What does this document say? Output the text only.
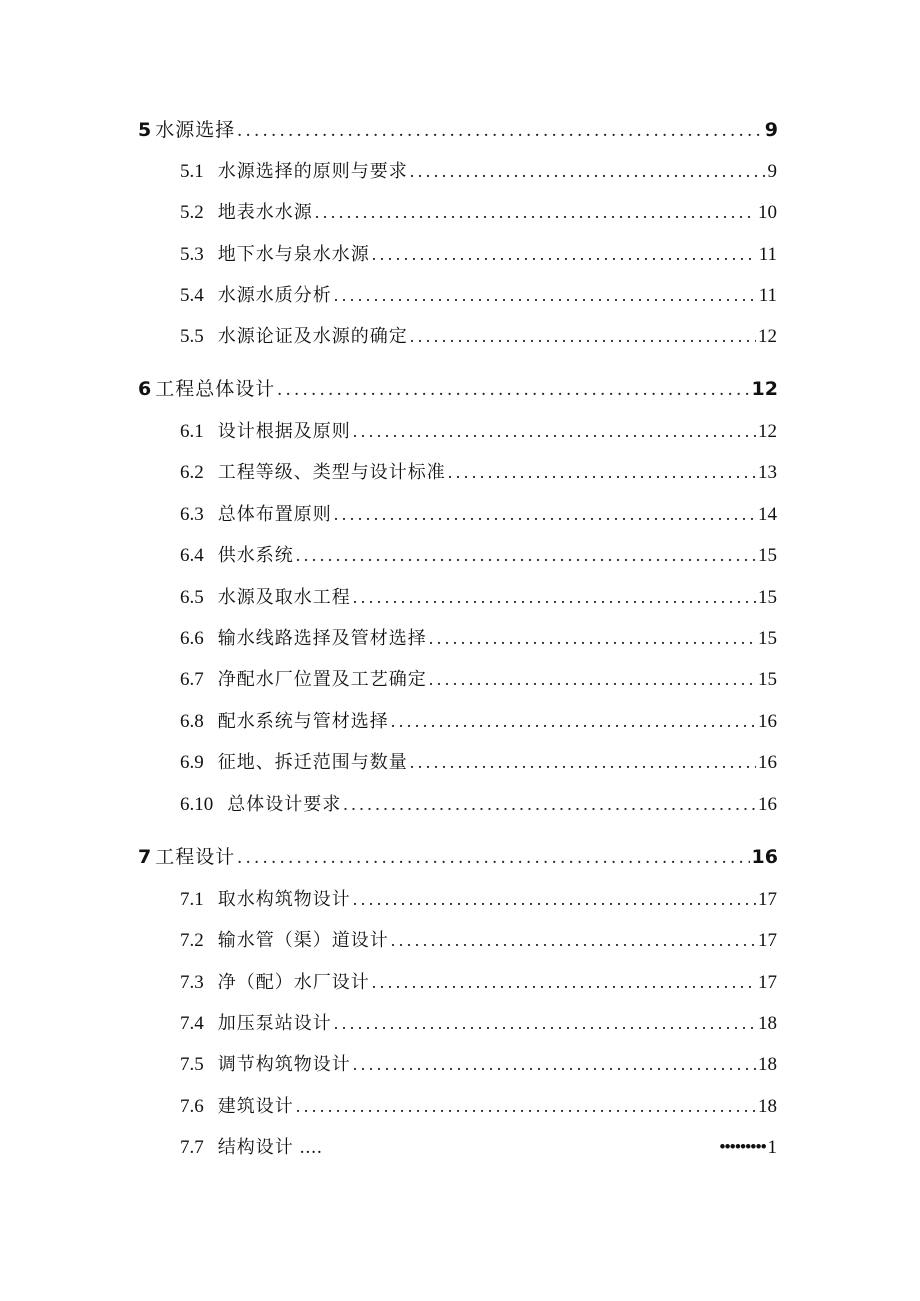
5 水源选择 . . .	9
5.1 水源选择的原则与要求 . . .	9
5.2 地表水水源 . . .	10
5.3 地下水与泉水水源 . . .	11
5.4 水源水质分析 . . .	11
5.5 水源论证及水源的确定 . . .	12
6 工程总体设计 . . .	12
6.1 设计根据及原则 . . .	12
6.2 工程等级、类型与设计标准 . . .	13
6.3 总体布置原则 . . .	14
6.4 供水系统 . . .	15
6.5 水源及取水工程 . . .	15
6.6 输水线路选择及管材选择 . . .	15
6.7 净配水厂位置及工艺确定 . . .	15
6.8 配水系统与管材选择 . . .	16
6.9 征地、拆迁范围与数量 . . .	16
6.10 总体设计要求 . . .	16
7 工程设计 . . .	16
7.1 取水构筑物设计 . . .	17
7.2 输水管（渠）道设计 . . .	17
7.3 净（配）水厂设计 . . .	17
7.4 加压泵站设计 . . .	18
7.5 调节构筑物设计 . . .	18
7.6 建筑设计 . . .	18
7.7 结构设计 ....	••••••••• 1
